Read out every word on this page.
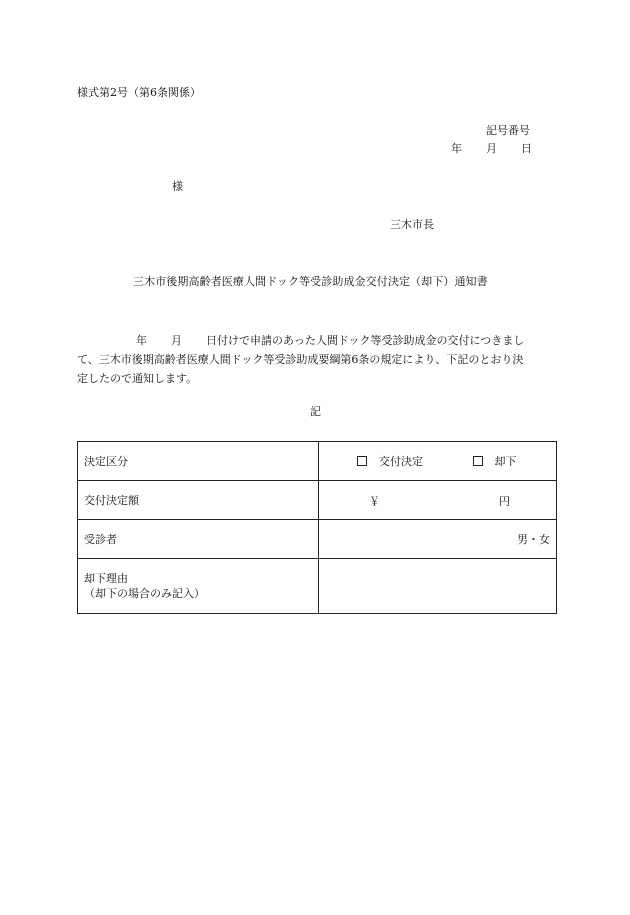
様式第2号（第6条関係）
記号番号
年 月 日
様
三木市長
三木市後期高齢者医療人間ドック等受診助成金交付決定（却下）通知書
年 月 日付けで申請のあった人間ドック等受診助成金の交付につきまし
て、三木市後期高齢者医療人間ドック等受診助成要綱第6条の規定により、下記のとおり決
定したので通知します。
記
決定区分	交付決定 却下
交付決定額	￥ 円

受診者	男・女

却下理由
（却下の場合のみ記入）	
